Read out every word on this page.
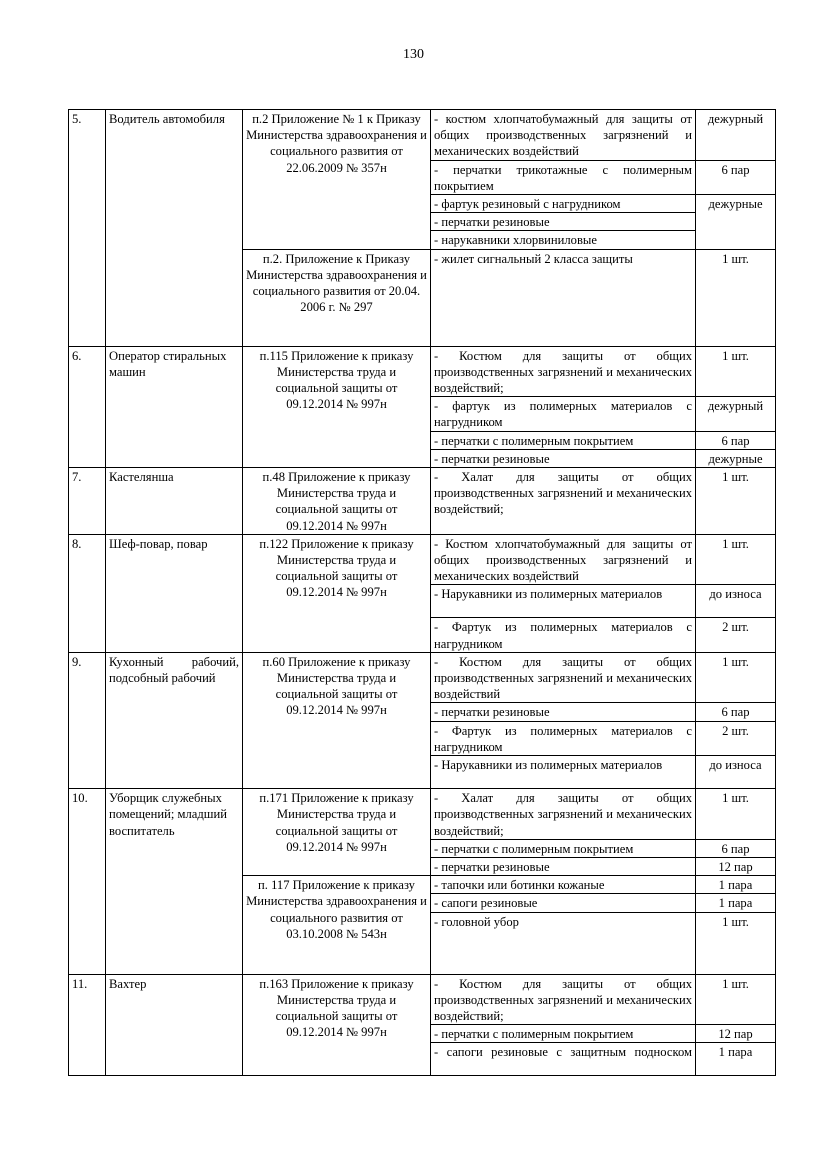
130
5.	Водитель автомобиля	п.2 Приложение № 1 к Приказу Министерства здравоохранения и социального развития от 22.06.2009 № 357н	- костюм хлопчатобумажный для защиты от общих производственных загрязнений и механических воздействий	дежурный
			- перчатки трикотажные с полимерным покрытием	6 пар
			- фартук резиновый с нагрудником	дежурные
			- перчатки резиновые	
			- нарукавники хлорвиниловые	
		п.2. Приложение к Приказу Министерства здравоохранения и социального развития от 20.04. 2006 г. № 297	- жилет сигнальный 2 класса защиты	1 шт.
6.	Оператор стиральных машин	п.115 Приложение к приказу Министерства труда и социальной защиты от 09.12.2014 № 997н	- Костюм для защиты от общих производственных загрязнений и механических воздействий;	1 шт.
			- фартук из полимерных материалов с нагрудником	дежурный
			- перчатки с полимерным покрытием	6 пар
			- перчатки резиновые	дежурные
7.	Кастелянша	п.48 Приложение к приказу Министерства труда и социальной защиты от 09.12.2014 № 997н	- Халат для защиты от общих производственных загрязнений и механических воздействий;	1 шт.
8.	Шеф-повар, повар	п.122 Приложение к приказу Министерства труда и социальной защиты от 09.12.2014 № 997н	- Костюм хлопчатобумажный для защиты от общих производственных загрязнений и механических воздействий	1 шт.
			- Нарукавники из полимерных материалов	до износа
			- Фартук из полимерных материалов с нагрудником	2 шт.
9.	Кухонный рабочий, подсобный рабочий	п.60 Приложение к приказу Министерства труда и социальной защиты от 09.12.2014 № 997н	- Костюм для защиты от общих производственных загрязнений и механических воздействий	1 шт.
			- перчатки резиновые	6 пар
			- Фартук из полимерных материалов с нагрудником	2 шт.
			- Нарукавники из полимерных материалов	до износа
10.	Уборщик служебных помещений; младший воспитатель	п.171 Приложение к приказу Министерства труда и социальной защиты от 09.12.2014 № 997н	- Халат для защиты от общих производственных загрязнений и механических воздействий;	1 шт.
			- перчатки с полимерным покрытием	6 пар
			- перчатки резиновые	12 пар
		п. 117 Приложение к приказу Министерства здравоохранения и социального развития от 03.10.2008 № 543н	- тапочки или ботинки кожаные	1 пара
			- сапоги резиновые	1 пара
			- головной убор	1 шт.
11.	Вахтер	п.163 Приложение к приказу Министерства труда и социальной защиты от 09.12.2014 № 997н	- Костюм для защиты от общих производственных загрязнений и механических воздействий;	1 шт.
			- перчатки с полимерным покрытием	12 пар
			- сапоги резиновые с защитным подноском	1 пара
